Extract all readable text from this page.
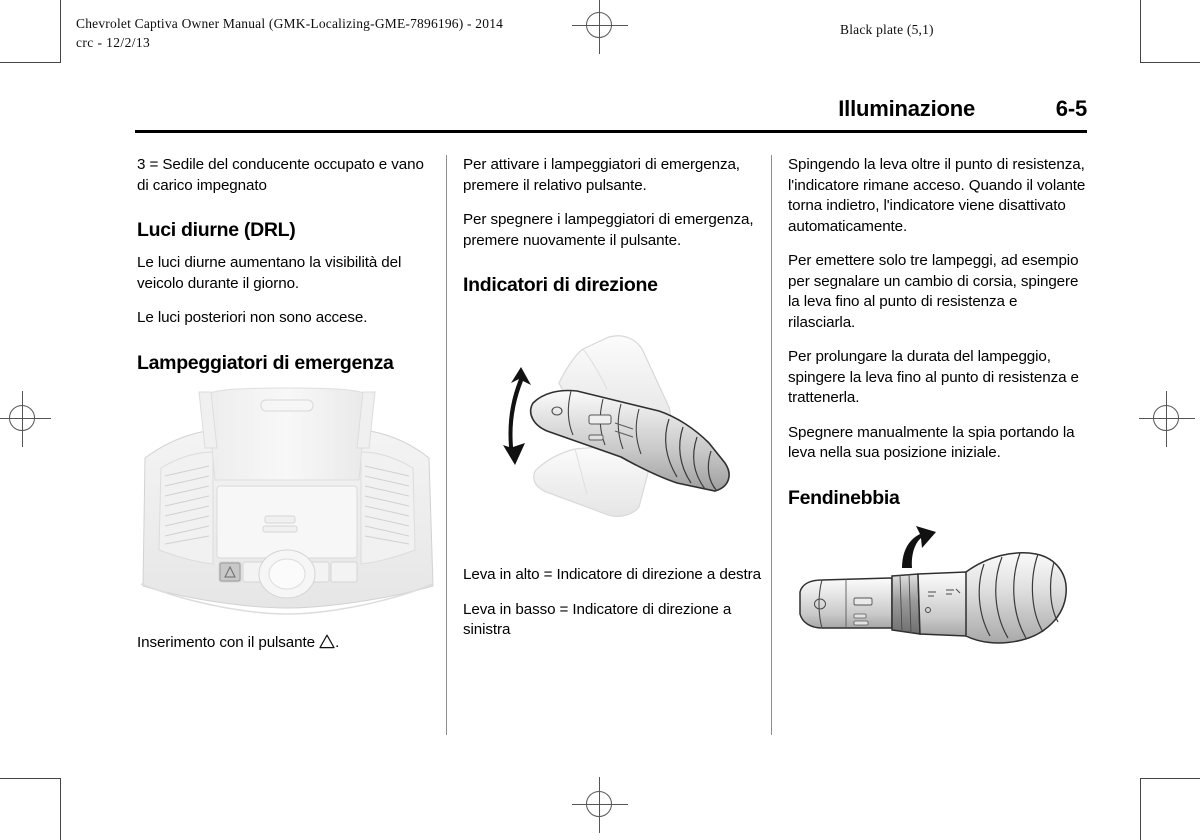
Chevrolet Captiva Owner Manual (GMK-Localizing-GME-7896196) - 2014
crc - 12/2/13
Black plate (5,1)
Illuminazione	6-5

3 = Sedile del conducente occupato e vano di carico impegnato

Luci diurne (DRL)

Le luci diurne aumentano la visibilità del veicolo durante il giorno.

Le luci posteriori non sono accese.

Lampeggiatori di emergenza

Inserimento con il pulsante .

Per attivare i lampeggiatori di emergenza, premere il relativo pulsante.

Per spegnere i lampeggiatori di emergenza, premere nuovamente il pulsante.

Indicatori di direzione

Leva in alto = Indicatore di direzione a destra

Leva in basso = Indicatore di direzione a sinistra

Spingendo la leva oltre il punto di resistenza, l'indicatore rimane acceso. Quando il volante torna indietro, l'indicatore viene disattivato automaticamente.

Per emettere solo tre lampeggi, ad esempio per segnalare un cambio di corsia, spingere la leva fino al punto di resistenza e rilasciarla.

Per prolungare la durata del lampeggio, spingere la leva fino al punto di resistenza e trattenerla.

Spegnere manualmente la spia portando la leva nella sua posizione iniziale.

Fendinebbia
